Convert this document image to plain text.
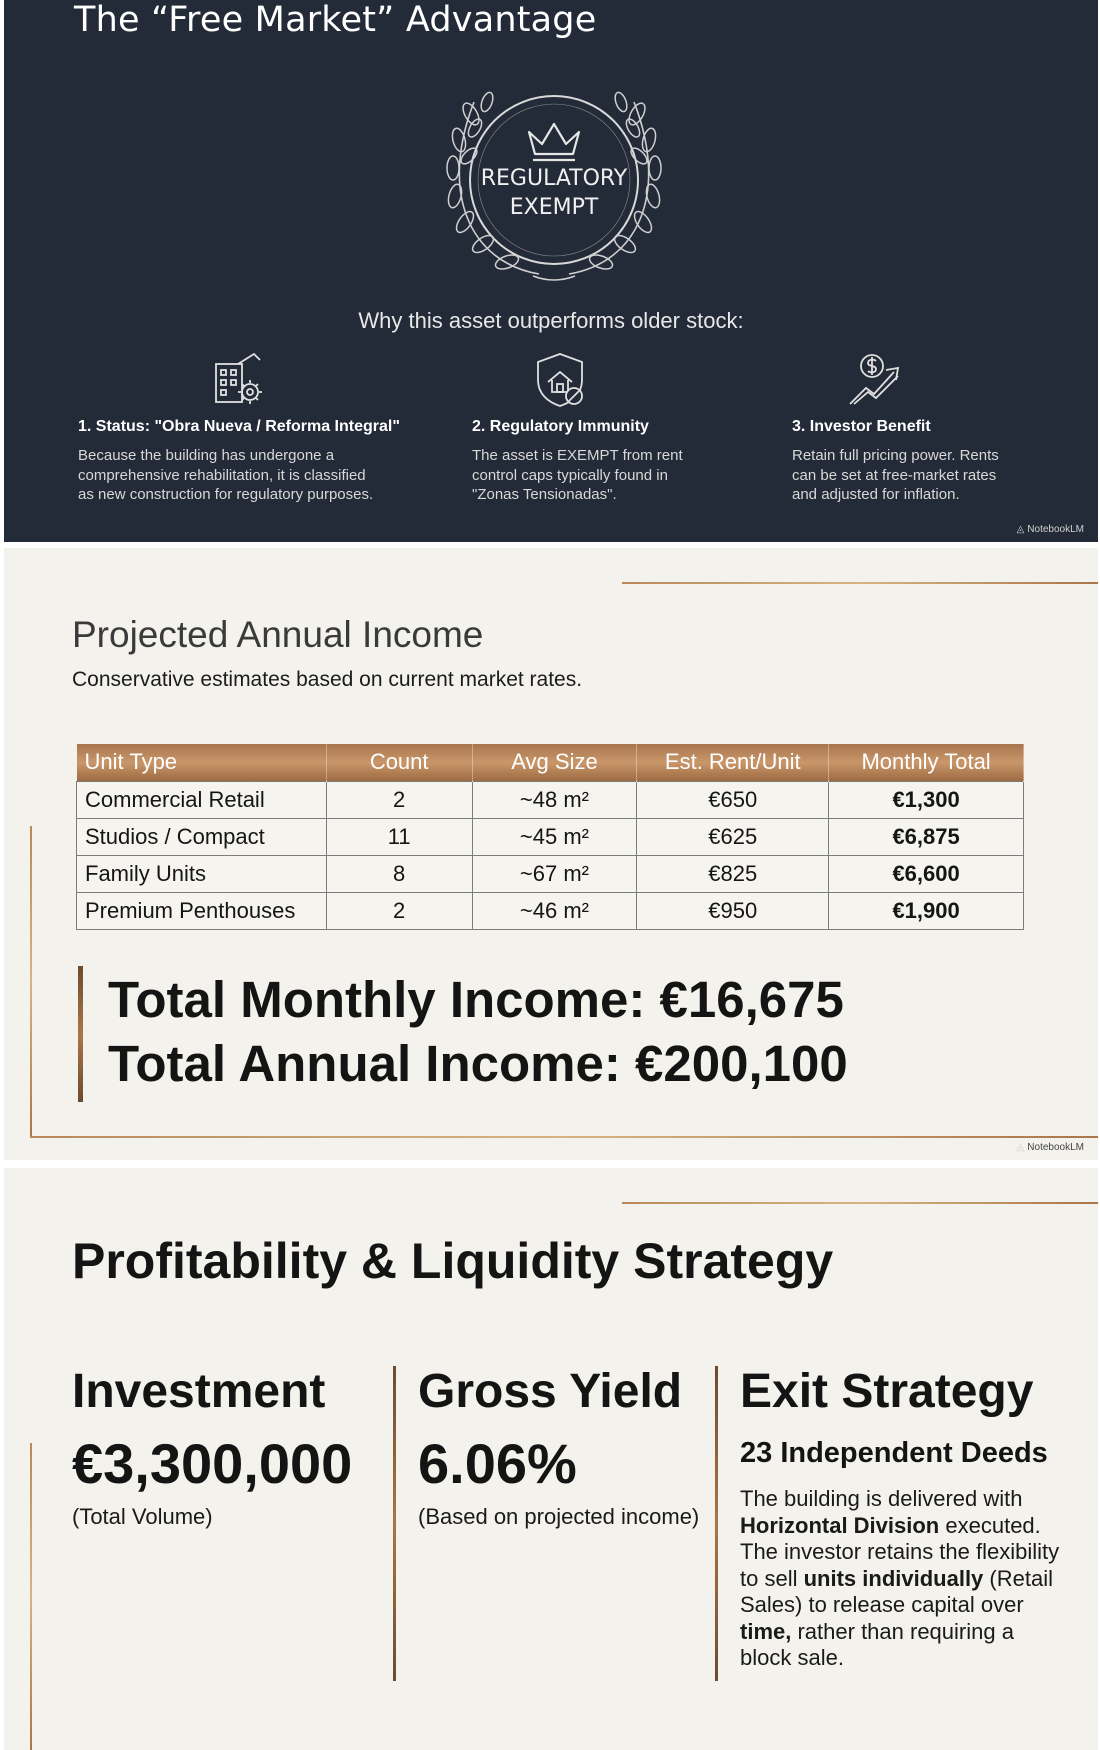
The “Free Market” Advantage
REGULATORY
EXEMPT
Why this asset outperforms older stock:
1. Status: "Obra Nueva / Reforma Integral"
Because the building has undergone a
comprehensive rehabilitation, it is classified
as new construction for regulatory purposes.
2. Regulatory Immunity
The asset is EXEMPT from rent
control caps typically found in
"Zonas Tensionadas".
3. Investor Benefit
Retain full pricing power. Rents
can be set at free-market rates
and adjusted for inflation.
◬ NotebookLM
Projected Annual Income
Conservative estimates based on current market rates.
Unit Type	Count	Avg Size	Est. Rent/Unit	Monthly Total
Commercial Retail	2	~48 m²	€650	€1,300
Studios / Compact	11	~45 m²	€625	€6,875
Family Units	8	~67 m²	€825	€6,600
Premium Penthouses	2	~46 m²	€950	€1,900
Total Monthly Income: €16,675
Total Annual Income: €200,100
◬ NotebookLM
Profitability & Liquidity Strategy
Investment
€3,300,000
(Total Volume)
Gross Yield
6.06%
(Based on projected income)
Exit Strategy
23 Independent Deeds
The building is delivered with Horizontal Division executed. The investor retains the flexibility to sell units individually (Retail Sales) to release capital over time, rather than requiring a block sale.
